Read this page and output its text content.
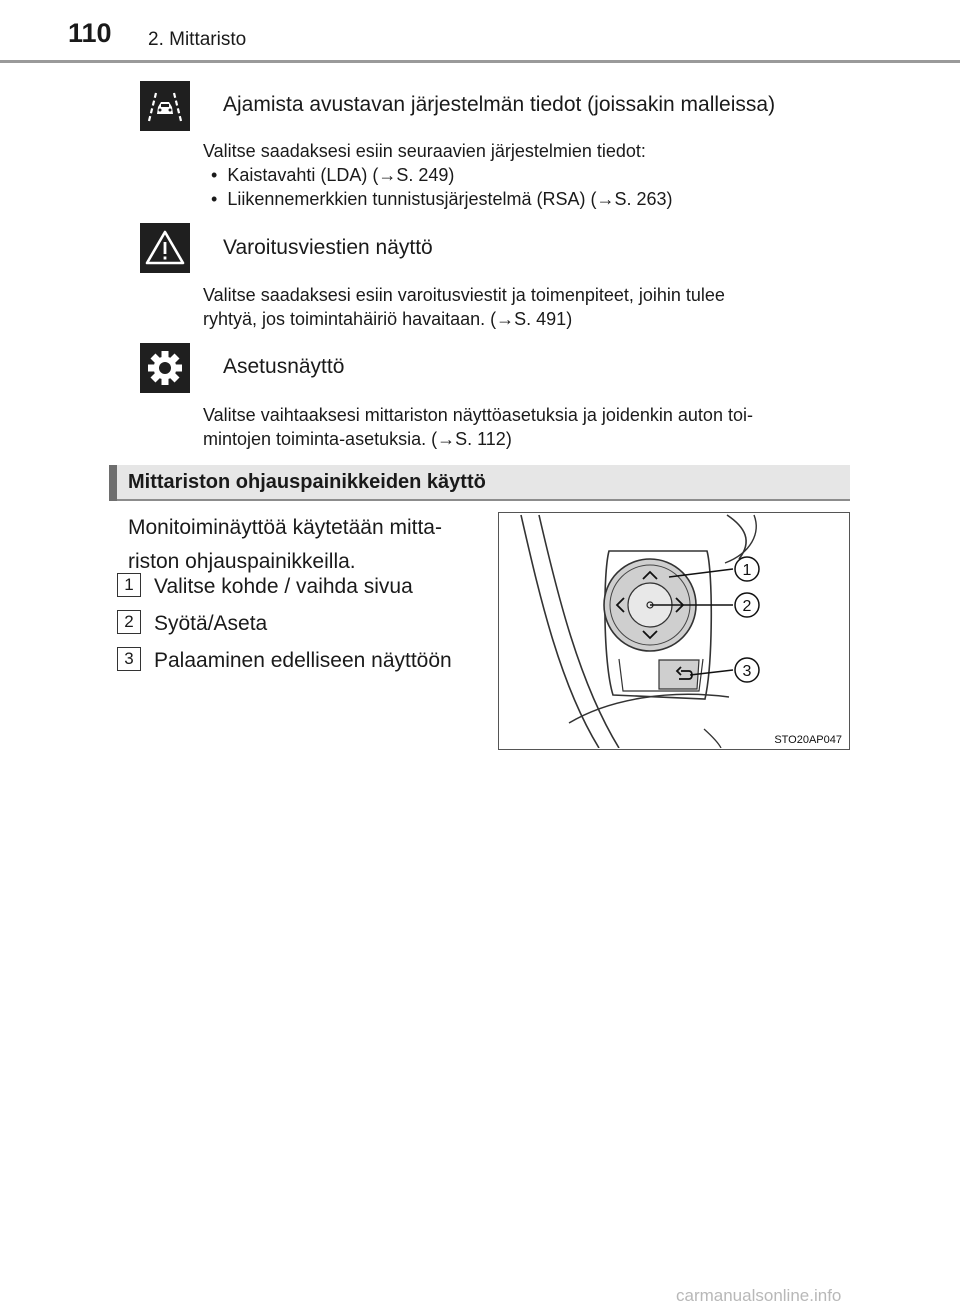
110 2. Mittaristo
Ajamista avustavan järjestelmän tiedot (joissakin malleissa)
Valitse saadaksesi esiin seuraavien järjestelmien tiedot:
• Kaistavahti (LDA) (→S. 249)
• Liikennemerkkien tunnistusjärjestelmä (RSA) (→S. 263)
Varoitusviestien näyttö
Valitse saadaksesi esiin varoitusviestit ja toimenpiteet, joihin tulee
ryhtyä, jos toimintahäiriö havaitaan. (→S. 491)
Asetusnäyttö
Valitse vaihtaaksesi mittariston näyttöasetuksia ja joidenkin auton toi-
mintojen toiminta-asetuksia. (→S. 112)
Mittariston ohjauspainikkeiden käyttö
Monitoiminäyttöä käytetään mitta-
riston ohjauspainikkeilla.
1 Valitse kohde / vaihda sivua
2 Syötä/Aseta
3 Palaaminen edelliseen näyttöön
1
2
3
STO20AP047
carmanualsonline.info
